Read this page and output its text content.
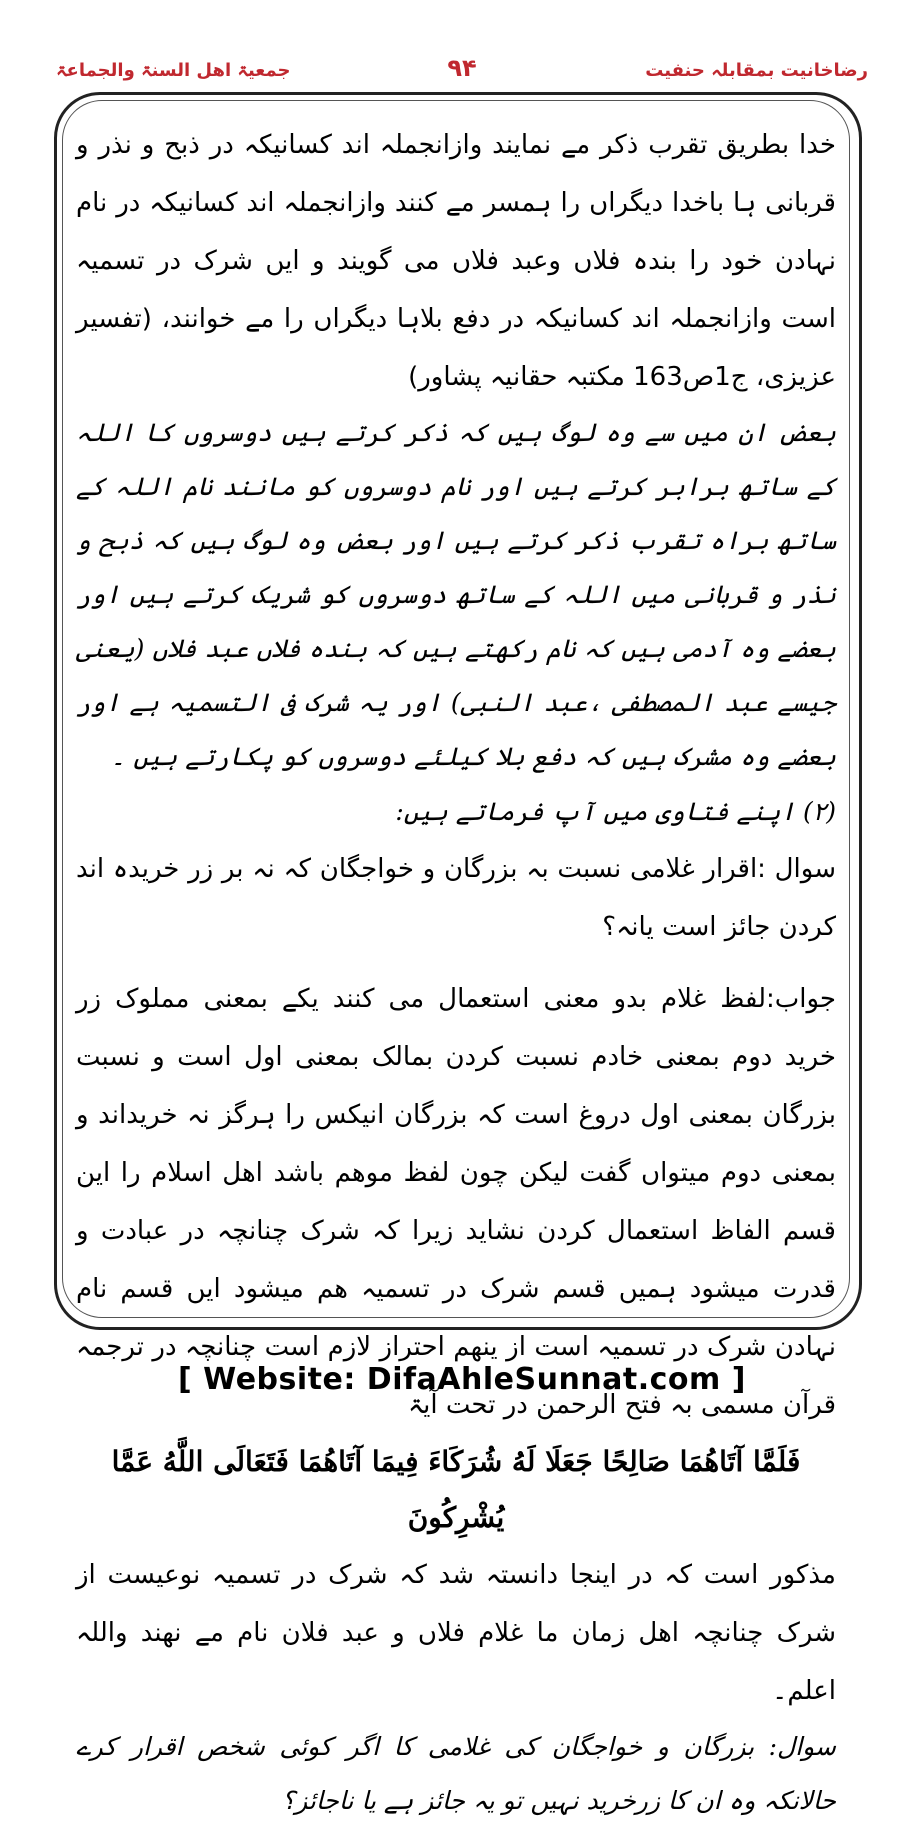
جمعیۃ اھل السنۃ والجماعۃ	۹۴	رضاخانیت بمقابلہ حنفیت

خدا بطریق تقرب ذکر مے نمایند وازانجملہ اند کسانیکہ در ذبح و نذر و قربانی ہا باخدا دیگراں را ہمسر مے کنند وازانجملہ اند کسانیکہ در نام نہادن خود را بندہ فلاں وعبد فلاں می گویند و ایں شرک در تسمیہ است وازانجملہ اند کسانیکہ در دفع بلاہا دیگراں را مے خوانند، (تفسیر عزیزی، ج1ص163 مکتبہ حقانیہ پشاور)

بعض ان میں سے وہ لوگ ہیں کہ ذکر کرتے ہیں دوسروں کا اللہ کے ساتھ برابر کرتے ہیں اور نام دوسروں کو مانند نام اللہ کے ساتھ براہ تقرب ذکر کرتے ہیں اور بعض وہ لوگ ہیں کہ ذبح و نذر و قربانی میں اللہ کے ساتھ دوسروں کو شریک کرتے ہیں اور بعضے وہ آدمی ہیں کہ نام رکھتے ہیں کہ بندہ فلاں عبد فلاں (یعنی جیسے عبد المصطفی ،عبد النبی) اور یہ شرک فی التسمیہ ہے اور بعضے وہ مشرک ہیں کہ دفع بلا کیلئے دوسروں کو پکارتے ہیں ۔

(۲) اپنے فتاوی میں آپ فرماتے ہیں:

سوال :اقرار غلامی نسبت بہ بزرگان و خواجگان کہ نہ بر زر خریدہ اند کردن جائز است یانہ؟

جواب:لفظ غلام بدو معنی استعمال می کنند یکے بمعنی مملوک زر خرید دوم بمعنی خادم نسبت کردن بمالک بمعنی اول است و نسبت بزرگان بمعنی اول دروغ است کہ بزرگان انیکس را ہرگز نہ خریداند و بمعنی دوم میتواں گفت لیکن چون لفظ موھم باشد اھل اسلام را این قسم الفاظ استعمال کردن نشاید زیرا کہ شرک چنانچہ در عبادت و قدرت میشود ہمیں قسم شرک در تسمیہ ھم میشود ایں قسم نام نہادن شرک در تسمیہ است از ینھم احتراز لازم است چنانچہ در ترجمہ قرآن مسمی بہ فتح الرحمن در تحت آیۃ

فَلَمَّا آتَاهُمَا صَالِحًا جَعَلَا لَهُ شُرَكَاءَ فِيمَا آتَاهُمَا فَتَعَالَى اللَّهُ عَمَّا يُشْرِكُونَ

مذکور است کہ در اینجا دانستہ شد کہ شرک در تسمیہ نوعیست از شرک چنانچہ اھل زمان ما غلام فلاں و عبد فلان نام مے نھند واللہ اعلم۔

سوال: بزرگان و خواجگان کی غلامی کا اگر کوئی شخص اقرار کرے حالانکہ وہ ان کا زرخرید نہیں تو یہ جائز ہے یا ناجائز؟

[ Website: DifaAhleSunnat.com ]
